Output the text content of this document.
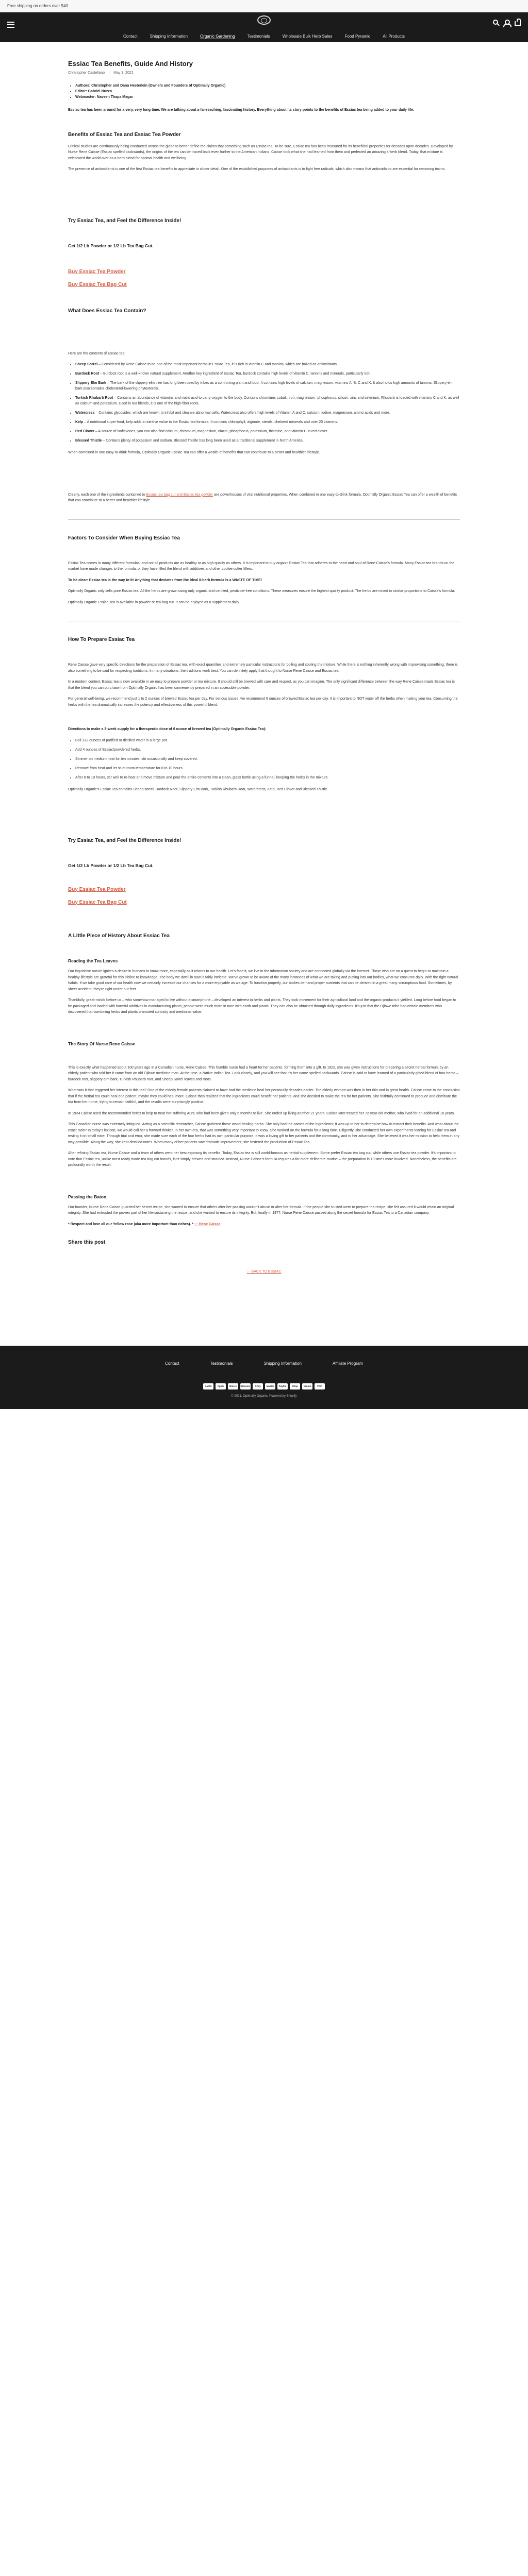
Free shipping on orders over $40
Contact	Shipping Information	Organic Gardening	Testimonials	Wholesale Bulk Herb Sales	Food Pyramid	All Products
Essiac Tea Benefits, Guide And History
Christopher Castellano May 3, 2021
• Authors: Christopher and Dana Hesterlein (Owners and Founders of Optimally Organic)
• Editor: Gabriel Nuzzo
• Webmaster: Naveen Thapa Magar

Essiac tea has been around for a very, very long time. We are talking about a far-reaching, fascinating history. Everything about its story points to the benefits of Essiac tea being added to your daily life.

Benefits of Essiac Tea and Essiac Tea Powder

Clinical studies are continuously being conducted across the globe to better define the claims that something such as Essiac tea. To be sure, Essiac tea has been treasured for its beneficial properties for decades upon decades. Developed by Nurse Rene Caisse (Essiac spelled backwards), the origins of the tea can be traced back even further to the American Indians. Caisse took what she had learned from them and perfected an amazing 4-herb blend. Today, that mixture is celebrated the world over as a herb blend for optimal health and wellbeing.

The presence of antioxidants is one of the first Essiac tea benefits to appreciate in closer detail. One of the established purposes of antioxidants is to fight free radicals, which also means that antioxidants are essential for removing toxins.

Try Essiac Tea, and Feel the Difference Inside!
Get 1/2 Lb Powder or 1/2 Lb Tea Bag Cut.
Buy Essiac Tea Powder
Buy Essiac Tea Bag Cut
What Does Essiac Tea Contain?

Here are the contents of Essiac tea:

• Sheep Sorrel – Considered by Rene Caisse to be one of the most important herbs in Essiac Tea, it is rich in vitamin C and tannins, which are hailed as antioxidants.
• Burdock Root – Burdock root is a well-known natural supplement. Another key ingredient of Essiac Tea, burdock contains high levels of vitamin C, tannins and minerals, particularly iron.
• Slippery Elm Bark – The bark of the slippery elm tree has long been used by tribes as a comforting plant and food. It contains high levels of calcium, magnesium, vitamins A, B, C and K. It also holds high amounts of tannins. Slippery elm bark also contains cholesterol-lowering phytosterols.
• Turkish Rhubarb Root – Contains an abundance of vitamins and malic acid to carry oxygen to the body. Contains chromium, cobalt, iron, magnesium, phosphorus, silicon, zinc and selenium. Rhubarb is loaded with vitamins C and K, as well as calcium and potassium. Used in tea blends, it is one of the high-fiber roots.
• Watercress – Contains glycosides, which are known to inhibit and cleanse abnormal cells. Watercress also offers high levels of Vitamin A and C, calcium, iodine, magnesium, amino acids and more.
• Kelp – A nutritional super-food, kelp adds a nutritive value to the Essiac tea formula. It contains chlorophyll, alginate, sterols, chelated minerals and over 20 vitamins.
• Red Clover – A source of isoflavones, you can also find calcium, chromium, magnesium, niacin, phosphorus, potassium, thiamine, and vitamin C in red clover.
• Blessed Thistle – Contains plenty of potassium and sodium. Blessed Thistle has long been used as a traditional supplement in North America.

When combined in one easy-to-drink formula, Optimally Organic Essiac Tea can offer a wealth of benefits that can contribute to a better and healthier lifestyle.

Clearly, each one of the ingredients contained in Essiac tea bag cut and Essiac tea powder are powerhouses of vital nutritional properties. When combined in one easy-to-drink formula, Optimally Organic Essiac Tea can offer a wealth of benefits that can contribute to a better and healthier lifestyle.

Factors To Consider When Buying Essiac Tea

Essiac Tea comes in many different formulas, and not all products are as healthy or as high quality as others. It is important to buy organic Essiac Tea that adheres to the heart and soul of Rene Caisse's formula. Many Essiac tea brands on the market have made changes to the formula, or they have filled the blend with additives and other cookie-cutter fillers.

To be clear: Essiac tea is the way to it! Anything that deviates from the ideal 8-herb formula is a WASTE OF TIME!

Optimally Organic only sells pure Essiac tea. All the herbs are grown using only organic and certified, pesticide-free conditions. These measures ensure the highest quality product. The herbs are mixed in similar proportions to Caisse's formula.

Optimally Organic Essiac Tea is available in powder or tea bag cut. It can be enjoyed as a supplement daily.

How To Prepare Essiac Tea

Rene Caisse gave very specific directions for the preparation of Essiac tea, with exact quantities and extremely particular instructions for boiling and cooling the mixture. While there is nothing inherently wrong with improvising something, there is also something to be said for respecting traditions. In many situations, the traditions work best. You can definitely apply that thought to Nurse Rene Caisse and Essiac tea.

In a modern context, Essiac tea is now available in an easy to prepare powder or tea mixture. It should still be brewed with care and respect, as you can imagine. The only significant difference between the way Rene Caisse made Essiac tea is that the blend you can purchase from Optimally Organic has been conveniently prepared in an accessible powder.

For general well-being, we recommend just 1 to 2 ounces of brewed Essiac tea per day. For serious issues, we recommend 6 ounces of brewed Essiac tea per day. It is important to NOT water off the herbs when making your tea. Consuming the herbs with the tea dramatically increases the potency and effectiveness of this powerful blend.

Directions to make a 3-week supply for a therapeutic dose of 6 ounce of brewed tea (Optimally Organic Essiac Tea):

• Boil 132 ounces of purified or distilled water in a large pot.
• Add 4 ounces of Essiac/powdered herbs.
• Simmer on medium heat for ten minutes; stir occasionally and keep covered.
• Remove from heat and let sit at room temperature for 8 to 10 hours.
• After 8 to 10 hours, stir well to re-heat and move mixture and pour the entire contents into a clean, glass bottle using a funnel, keeping the herbs in the mixture.

Optimally Organic's Essiac Tea contains Sheep sorrel, Burdock Root, Slippery Elm Bark, Turkish Rhubarb Root, Watercress, Kelp, Red Clover and Blessed Thistle.

Try Essiac Tea, and Feel the Difference Inside!
Get 1/2 Lb Powder or 1/2 Lb Tea Bag Cut.
Buy Essiac Tea Powder
Buy Essiac Tea Bag Cut
A Little Piece of History About Essiac Tea
Reading the Tea Leaves

Our inquisitive nature ignites a desire in humans to know more, especially as it relates to our health. Let's face it, we live in the information society and are connected globally via the internet. Those who are on a quest to begin or maintain a healthy lifestyle are grateful for this lifeline to knowledge. The body we dwell in now is fairly intricate. We've grown to be aware of the many instances of what we are taking and putting into our bodies, what we consume daily. With the right natural habits, if we take good care of our health now we certainly increase our chances for a more enjoyable as we age. To function properly, our bodies demand proper nutrients that can be derived in a great many scrumptious food. Sometimes, by sheer accident, they're right under our feet.

Thankfully, great-minds before us – who somehow managed to live without a smartphone – developed an interest in herbs and plants. They took movement for their agricultural land and the organic products it yielded. Long before food began to be packaged and loaded with harmful additives in manufacturing plants, people were much more in tune with earth and plants. They can also be obtained through daily ingredients. It's just that the Ojibwe tribe had certain members who discovered that combining herbs and plants promoted curiosity and medicinal value.

The Story Of Nurse Rene Caisse

This is exactly what happened about 100 years ago in a Canadian nurse, Rene Caisse. This humble nurse had a heart for her patients, forming them into a gift. In 1922, she was given instructions for preparing a secret herbal formula by an elderly patient who told her it came from an old Ojibwe medicine man. At the time, a Native Indian Tea. Look closely, and you will see that it's her name spelled backwards. Caisse is said to have learned of a particularly gifted blend of four herbs – burdock root, slippery elm bark, Turkish Rhubarb root, and Sheep Sorrel leaves and roots.

What was it that triggered her interest in this tea? One of the elderly female patients claimed to have had the medicine heal her personally decades earlier. The elderly woman was then in her 80s and in great health. Caisse came to the conclusion that if the herbal tea could heal one patient, maybe they could heal more. Caisse then realized that the ingredients could benefit her patients, and she decided to make the tea for her patients. She faithfully continued to produce and distribute the tea from her home, trying to remain faithful, and the results were surprisingly positive.

In 1924 Caisse used the recommended herbs to help to treat her suffering Aunt, who had been given only 6 months to live. She ended up living another 21 years. Caisse later treated her 72-year-old mother, who lived for an additional 18 years.

This Canadian nurse was extremely intrigued. Acting as a scientific researcher, Caisse gathered these wood-healing herbs. She only had the names of the ingredients; it was up to her to determine how to extract their benefits. And what about the exact ratio? In today's lexicon, we would call her a forward thinker. In her own era, that was something very important to know. She worked on the formula for a long time. Diligently, she conducted her own experiments leaning for Essiac tea and testing it on small mice. Through trial and error, she made sure each of the four herbs had its own particular purpose. It was a loving gift to her patients and the community, and to her advantage. She believed it was her mission to help them in any way possible. Along the way, she kept detailed notes. When many of her patients saw dramatic improvement, she fostered the production of Essiac Tea.

After refining Essiac tea, Nurse Caisse and a team of others went her best exposing its benefits. Today, Essiac tea is still world-famous as herbal supplement. Some prefer Essiac tea bag cut, while others use Essiac tea powder. It's important to note that Essiac tea, unlike most ready made tea bag cut brands, isn't simply brewed and strained. Instead, Nurse Caisse's formula requires a far more deliberate routine – the preparation is 10 times more involved. Nonetheless, the benefits are profoundly worth the result.

Passing the Baton

Our founder, Nurse Rene Caisse guarded her secret recipe, she wanted to ensure that others after her passing wouldn't abuse or alter her formula. If the people she trusted were to prepare the recipe, she felt assured it would retain an original integrity. She had entrusted the proven part of her life-sustaining the recipe, and she wanted to ensure its integrity. But, finally in 1977, Nurse Rene Caisse passed along the secret formula for Essiac Tea to a Canadian company.

* Respect and love all our Yellow rose (aka more important than riches). * — Rene Caisse

Share this post
← BACK TO ESSIAC
Contact	Testimonials	Shipping Information	Affiliate Program
AMEX	Apple Pay
Diners	Discover	GPay	Master	PayPal	Shop	Venmo	VISA
© 2021, Optimally Organic. Powered by Shopify
